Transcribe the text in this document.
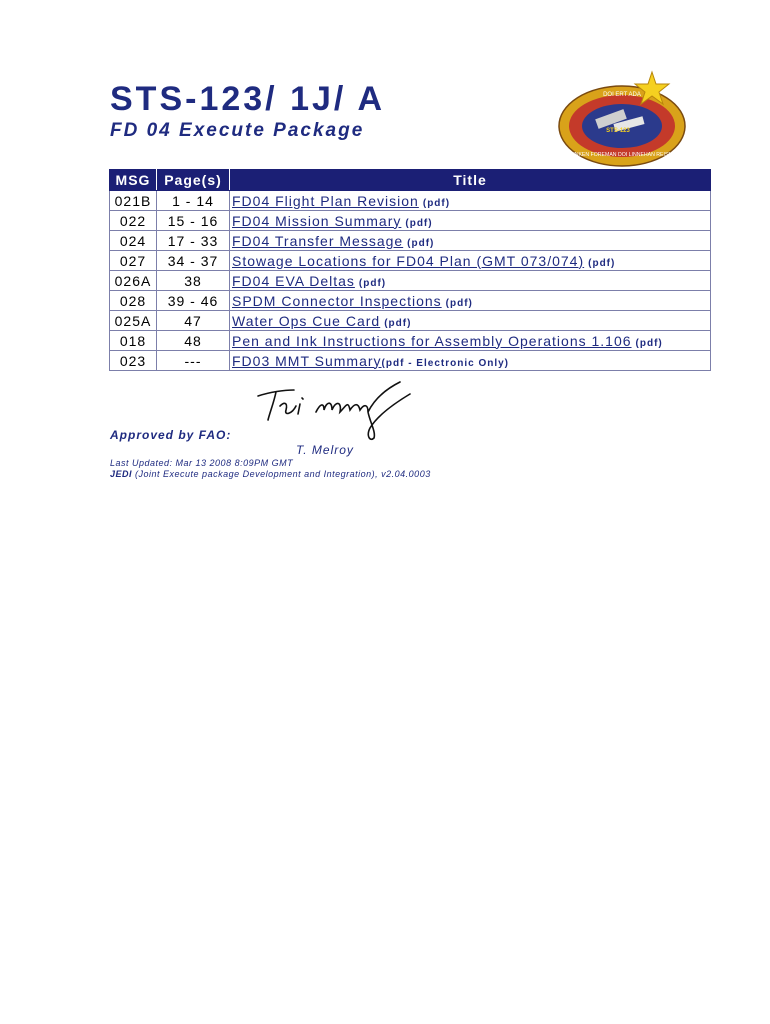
STS-123/ 1J/ A
FD 04 Execute Package
DOI ERT ADA
STS-123
BEHNKEN FOREMAN DOI LINNEHAN REISMAN
MSG	Page(s)	Title
021B	1 - 14	FD04 Flight Plan Revision (pdf)
022	15 - 16	FD04 Mission Summary (pdf)
024	17 - 33	FD04 Transfer Message (pdf)
027	34 - 37	Stowage Locations for FD04 Plan (GMT 073/074) (pdf)
026A	38	FD04 EVA Deltas (pdf)
028	39 - 46	SPDM Connector Inspections (pdf)
025A	47	Water Ops Cue Card (pdf)
018	48	Pen and Ink Instructions for Assembly Operations 1.106 (pdf)
023	---	FD03 MMT Summary(pdf - Electronic Only)
Approved by FAO:
T. Melroy
Last Updated: Mar 13 2008 8:09PM GMT
JEDI (Joint Execute package Development and Integration), v2.04.0003
